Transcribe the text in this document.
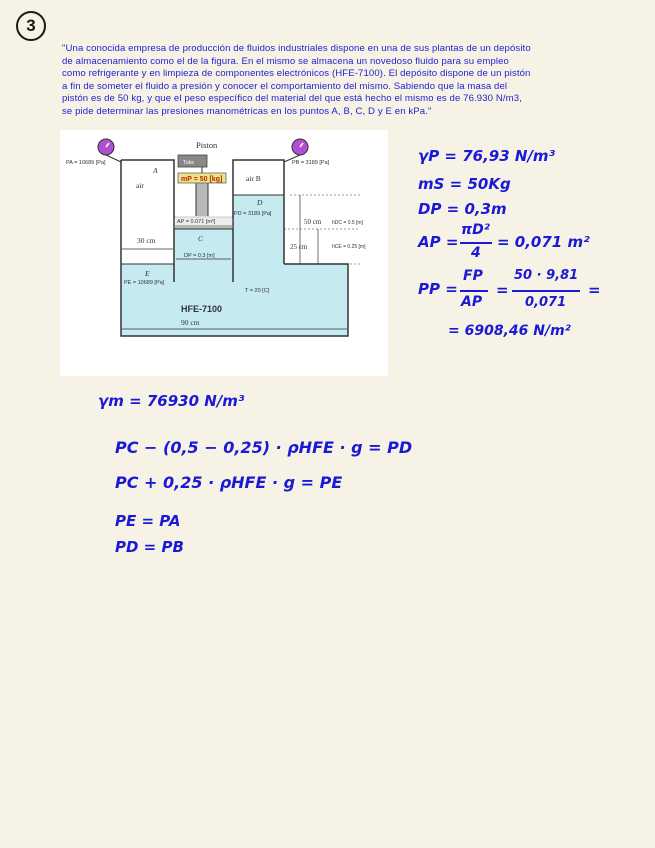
3
"Una conocida empresa de producción de fluidos industriales dispone en una de sus plantas de un depósito
de almacenamiento como el de la figura. En el mismo se almacena un novedoso fluido para su empleo
como refrigerante y en limpieza de componentes electrónicos (HFE-7100). El depósito dispone de un pistón
a fin de someter el fluido a presión y conocer el comportamiento del mismo. Sabiendo que la masa del
pistón es de 50 kg, y que el peso específico del material del que está hecho el mismo es de 76.930 N/m3,
se pide determinar las presiones manométricas en los puntos A, B, C, D y E en kPa."
Piston
Tube
mP = 50 [kg]
AP = 0.071 [m²]
PA = 10689 [Pa]	PB = 3189 [Pa]
A
air
air B
D
PD = 3189 [Pa]
C
DP = 0.3 [m]
30 cm
50 cm hDC = 0.5 [m]
25 cm	hCE = 0.25 [m]
E
PE = 10689 [Pa]
T = 20 [C]
HFE-7100
90 cm
γP = 76,93 N/m³
mS = 50Kg
DP = 0,3m
AP =
πD²
4
= 0,071 m²
PP =
FP
AP
=
50 · 9,81
0,071
=
= 6908,46 N/m²
γm = 76930 N/m³
PC − (0,5 − 0,25) · ρHFE · g = PD
PC + 0,25 · ρHFE · g = PE
PE = PA
PD = PB
